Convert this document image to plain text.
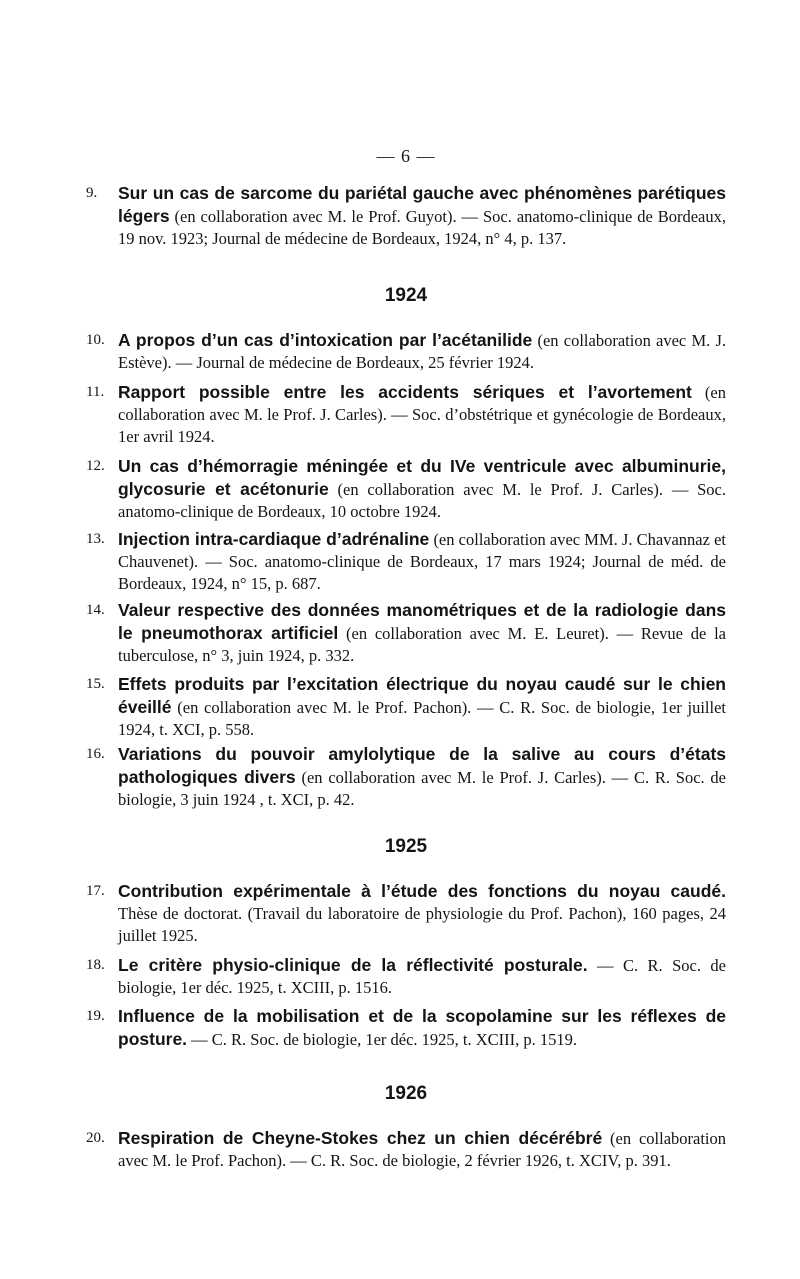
— 6 —
9.	Sur un cas de sarcome du pariétal gauche avec phénomènes parétiques légers (en collaboration avec M. le Prof. Guyot). — Soc. anatomo-clinique de Bordeaux, 19 nov. 1923; Journal de médecine de Bordeaux, 1924, n° 4, p. 137.
1924
10. A propos d’un cas d’intoxication par l’acétanilide (en collaboration avec M. J. Estève). — Journal de médecine de Bordeaux, 25 février 1924.
11. Rapport possible entre les accidents sériques et l’avortement (en collaboration avec M. le Prof. J. Carles). — Soc. d’obstétrique et gynécologie de Bordeaux, 1er avril 1924.
12. Un cas d’hémorragie méningée et du IVe ventricule avec albuminurie, glycosurie et acétonurie (en collaboration avec M. le Prof. J. Carles). — Soc. anatomo-clinique de Bordeaux, 10 octobre 1924.
13. Injection intra-cardiaque d’adrénaline (en collaboration avec MM. J. Chavannaz et Chauvenet). — Soc. anatomo-clinique de Bordeaux, 17 mars 1924; Journal de méd. de Bordeaux, 1924, n° 15, p. 687.
14. Valeur respective des données manométriques et de la radiologie dans le pneumothorax artificiel (en collaboration avec M. E. Leuret). — Revue de la tuberculose, n° 3, juin 1924, p. 332.
15. Effets produits par l’excitation électrique du noyau caudé sur le chien éveillé (en collaboration avec M. le Prof. Pachon). — C. R. Soc. de biologie, 1er juillet 1924, t. XCI, p. 558.
16. Variations du pouvoir amylolytique de la salive au cours d’états pathologiques divers (en collaboration avec M. le Prof. J. Carles). — C. R. Soc. de biologie, 3 juin 1924 , t. XCI, p. 42.
1925
17. Contribution expérimentale à l’étude des fonctions du noyau caudé. Thèse de doctorat. (Travail du laboratoire de physiologie du Prof. Pachon), 160 pages, 24 juillet 1925.
18. Le critère physio-clinique de la réflectivité posturale. — C. R. Soc. de biologie, 1er déc. 1925, t. XCIII, p. 1516.
19. Influence de la mobilisation et de la scopolamine sur les réflexes de posture. — C. R. Soc. de biologie, 1er déc. 1925, t. XCIII, p. 1519.
1926
20. Respiration de Cheyne-Stokes chez un chien décérébré (en collaboration avec M. le Prof. Pachon). — C. R. Soc. de biologie, 2 février 1926, t. XCIV, p. 391.
